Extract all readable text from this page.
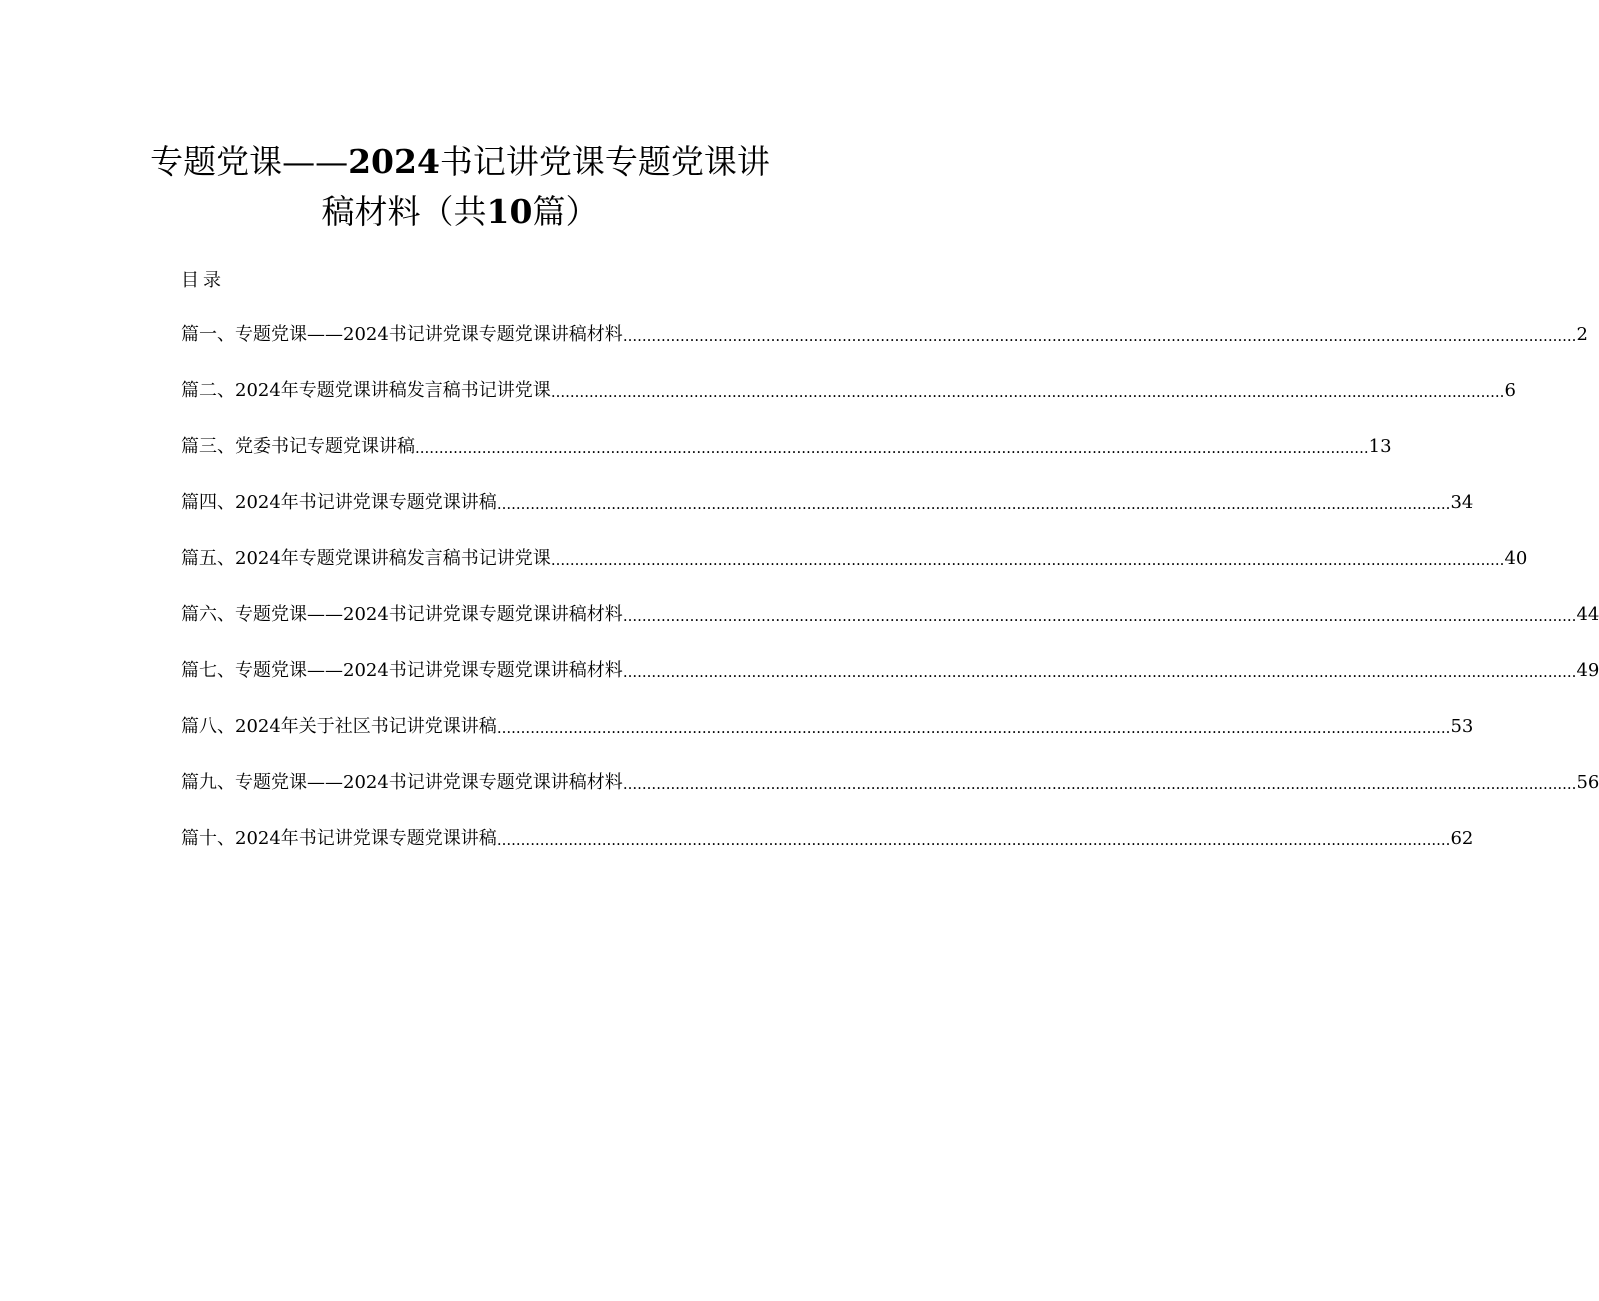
专题党课——2024书记讲党课专题党课讲
稿材料（共10篇）
目录
篇一、专题党课——2024书记讲党课专题党课讲稿材料 ........................................................................................................................................................................................................ 2
篇二、2024年专题党课讲稿发言稿书记讲党课 ........................................................................................................................................................................................................ 6
篇三、党委书记专题党课讲稿 ........................................................................................................................................................................................................ 13
篇四、2024年书记讲党课专题党课讲稿 ........................................................................................................................................................................................................ 34
篇五、2024年专题党课讲稿发言稿书记讲党课 ........................................................................................................................................................................................................ 40
篇六、专题党课——2024书记讲党课专题党课讲稿材料 ........................................................................................................................................................................................................ 44
篇七、专题党课——2024书记讲党课专题党课讲稿材料 ........................................................................................................................................................................................................ 49
篇八、2024年关于社区书记讲党课讲稿 ........................................................................................................................................................................................................ 53
篇九、专题党课——2024书记讲党课专题党课讲稿材料 ........................................................................................................................................................................................................ 56
篇十、2024年书记讲党课专题党课讲稿 ........................................................................................................................................................................................................ 62
